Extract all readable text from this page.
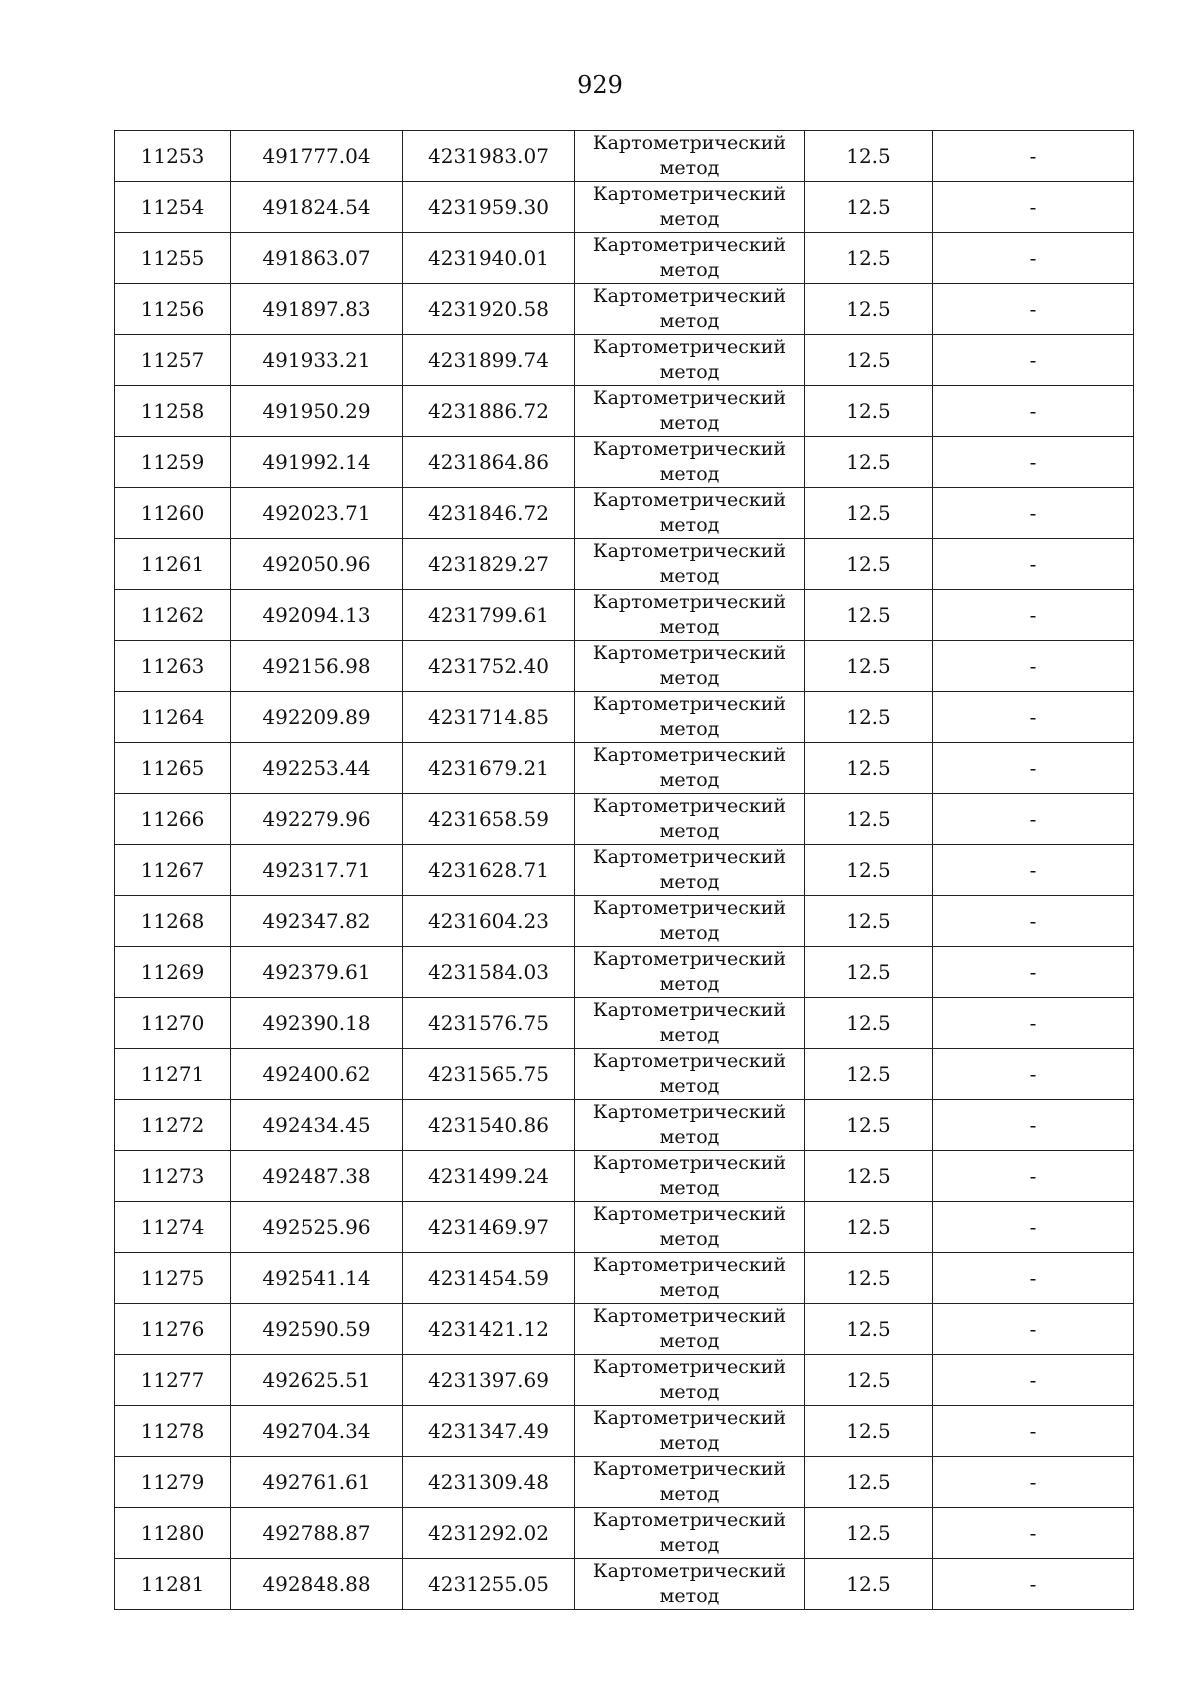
929
11253	491777.04	4231983.07	Картометрический метод	12.5	-
11254	491824.54	4231959.30	Картометрический метод	12.5	-
11255	491863.07	4231940.01	Картометрический метод	12.5	-
11256	491897.83	4231920.58	Картометрический метод	12.5	-
11257	491933.21	4231899.74	Картометрический метод	12.5	-
11258	491950.29	4231886.72	Картометрический метод	12.5	-
11259	491992.14	4231864.86	Картометрический метод	12.5	-
11260	492023.71	4231846.72	Картометрический метод	12.5	-
11261	492050.96	4231829.27	Картометрический метод	12.5	-
11262	492094.13	4231799.61	Картометрический метод	12.5	-
11263	492156.98	4231752.40	Картометрический метод	12.5	-
11264	492209.89	4231714.85	Картометрический метод	12.5	-
11265	492253.44	4231679.21	Картометрический метод	12.5	-
11266	492279.96	4231658.59	Картометрический метод	12.5	-
11267	492317.71	4231628.71	Картометрический метод	12.5	-
11268	492347.82	4231604.23	Картометрический метод	12.5	-
11269	492379.61	4231584.03	Картометрический метод	12.5	-
11270	492390.18	4231576.75	Картометрический метод	12.5	-
11271	492400.62	4231565.75	Картометрический метод	12.5	-
11272	492434.45	4231540.86	Картометрический метод	12.5	-
11273	492487.38	4231499.24	Картометрический метод	12.5	-
11274	492525.96	4231469.97	Картометрический метод	12.5	-
11275	492541.14	4231454.59	Картометрический метод	12.5	-
11276	492590.59	4231421.12	Картометрический метод	12.5	-
11277	492625.51	4231397.69	Картометрический метод	12.5	-
11278	492704.34	4231347.49	Картометрический метод	12.5	-
11279	492761.61	4231309.48	Картометрический метод	12.5	-
11280	492788.87	4231292.02	Картометрический метод	12.5	-
11281	492848.88	4231255.05	Картометрический метод	12.5	-
